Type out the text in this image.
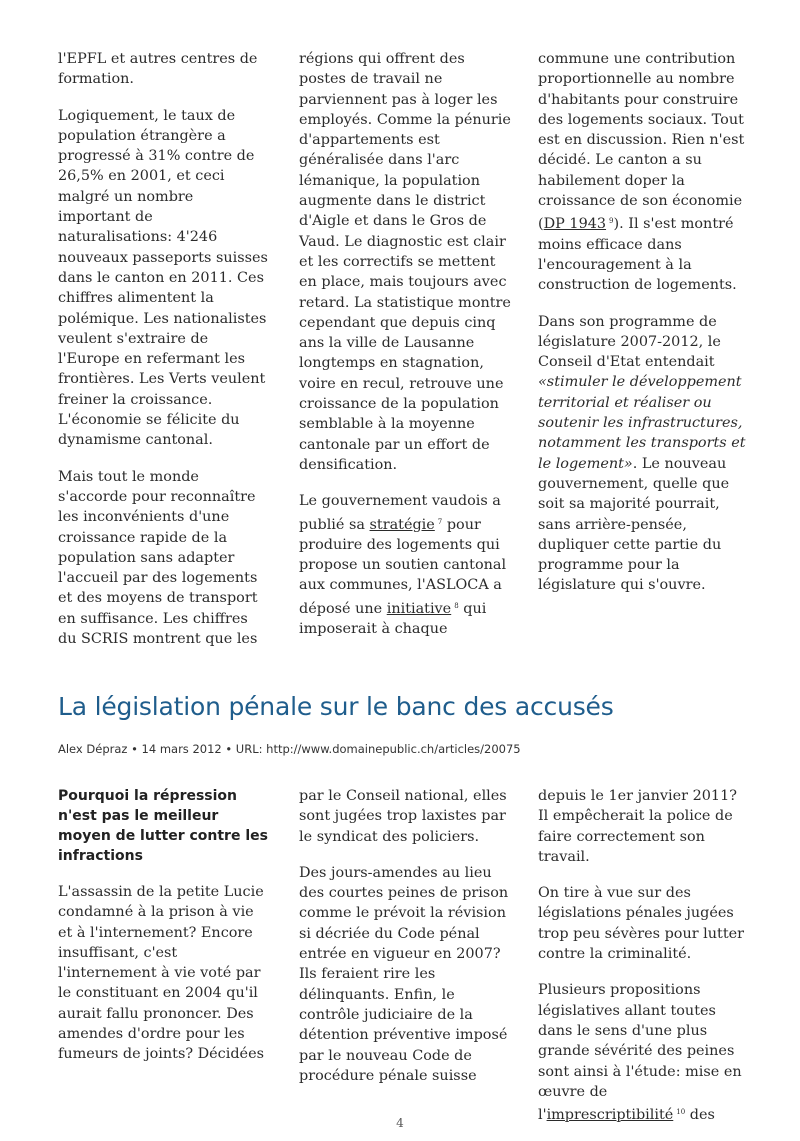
l'EPFL et autres centres de formation.

Logiquement, le taux de population étrangère a progressé à 31% contre de 26,5% en 2001, et ceci malgré un nombre important de naturalisations: 4'246 nouveaux passeports suisses dans le canton en 2011. Ces chiffres alimentent la polémique. Les nationalistes veulent s'extraire de l'Europe en refermant les frontières. Les Verts veulent freiner la croissance. L'économie se félicite du dynamisme cantonal.

Mais tout le monde s'accorde pour reconnaître les inconvénients d'une croissance rapide de la population sans adapter l'accueil par des logements et des moyens de transport en suffisance. Les chiffres du SCRIS montrent que les

régions qui offrent des postes de travail ne parviennent pas à loger les employés. Comme la pénurie d'appartements est généralisée dans l'arc lémanique, la population augmente dans le district d'Aigle et dans le Gros de Vaud. Le diagnostic est clair et les correctifs se mettent en place, mais toujours avec retard. La statistique montre cependant que depuis cinq ans la ville de Lausanne longtemps en stagnation, voire en recul, retrouve une croissance de la population semblable à la moyenne cantonale par un effort de densification.

Le gouvernement vaudois a publié sa stratégie $^7$ pour produire des logements qui propose un soutien cantonal aux communes, l'ASLOCA a déposé une initiative $^8$ qui imposerait à chaque

commune une contribution proportionnelle au nombre d'habitants pour construire des logements sociaux. Tout est en discussion. Rien n'est décidé. Le canton a su habilement doper la croissance de son économie (DP 1943 $^9$). Il s'est montré moins efficace dans l'encouragement à la construction de logements.

Dans son programme de législature 2007-2012, le Conseil d'Etat entendait «stimuler le développement territorial et réaliser ou soutenir les infrastructures, notamment les transports et le logement». Le nouveau gouvernement, quelle que soit sa majorité pourrait, sans arrière-pensée, dupliquer cette partie du programme pour la législature qui s'ouvre.

La législation pénale sur le banc des accusés
Alex Dépraz • 14 mars 2012 • URL: http://www.domainepublic.ch/articles/20075
Pourquoi la répression n'est pas le meilleur moyen de lutter contre les infractions

L'assassin de la petite Lucie condamné à la prison à vie et à l'internement? Encore insuffisant, c'est l'internement à vie voté par le constituant en 2004 qu'il aurait fallu prononcer. Des amendes d'ordre pour les fumeurs de joints? Décidées

par le Conseil national, elles sont jugées trop laxistes par le syndicat des policiers.

Des jours-amendes au lieu des courtes peines de prison comme le prévoit la révision si décriée du Code pénal entrée en vigueur en 2007? Ils feraient rire les délinquants. Enfin, le contrôle judiciaire de la détention préventive imposé par le nouveau Code de procédure pénale suisse

depuis le 1er janvier 2011? Il empêcherait la police de faire correctement son travail.

On tire à vue sur des législations pénales jugées trop peu sévères pour lutter contre la criminalité.

Plusieurs propositions législatives allant toutes dans le sens d'une plus grande sévérité des peines sont ainsi à l'étude: mise en œuvre de l'imprescriptibilité $^{10}$ des

4
